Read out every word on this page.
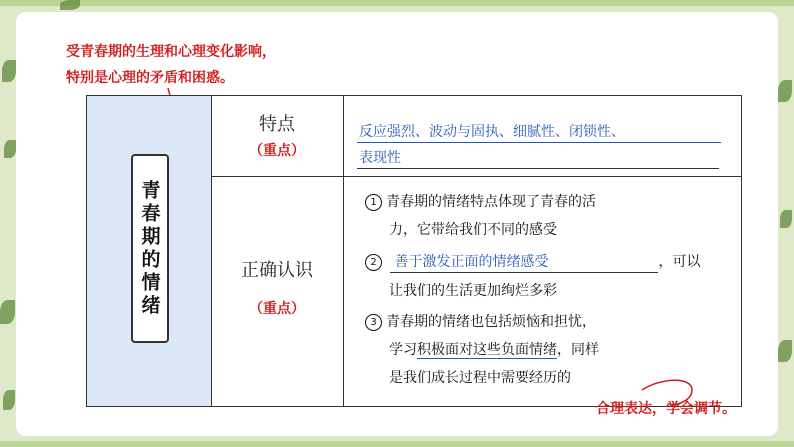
受青春期的生理和心理变化影响，
特别是心理的矛盾和困惑。
青春期的情绪
特点
（重点）
反应强烈、波动与固执、细腻性、闭锁性、
表现性
正确认识
（重点）
1 青春期的情绪特点体现了青春的活
力，它带给我们不同的感受
2 善于激发正面的情绪感受	，可以
让我们的生活更加绚烂多彩
3 青春期的情绪也包括烦恼和担忧，
学习积极面对这些负面情绪，同样
是我们成长过程中需要经历的
合理表达，学会调节。
